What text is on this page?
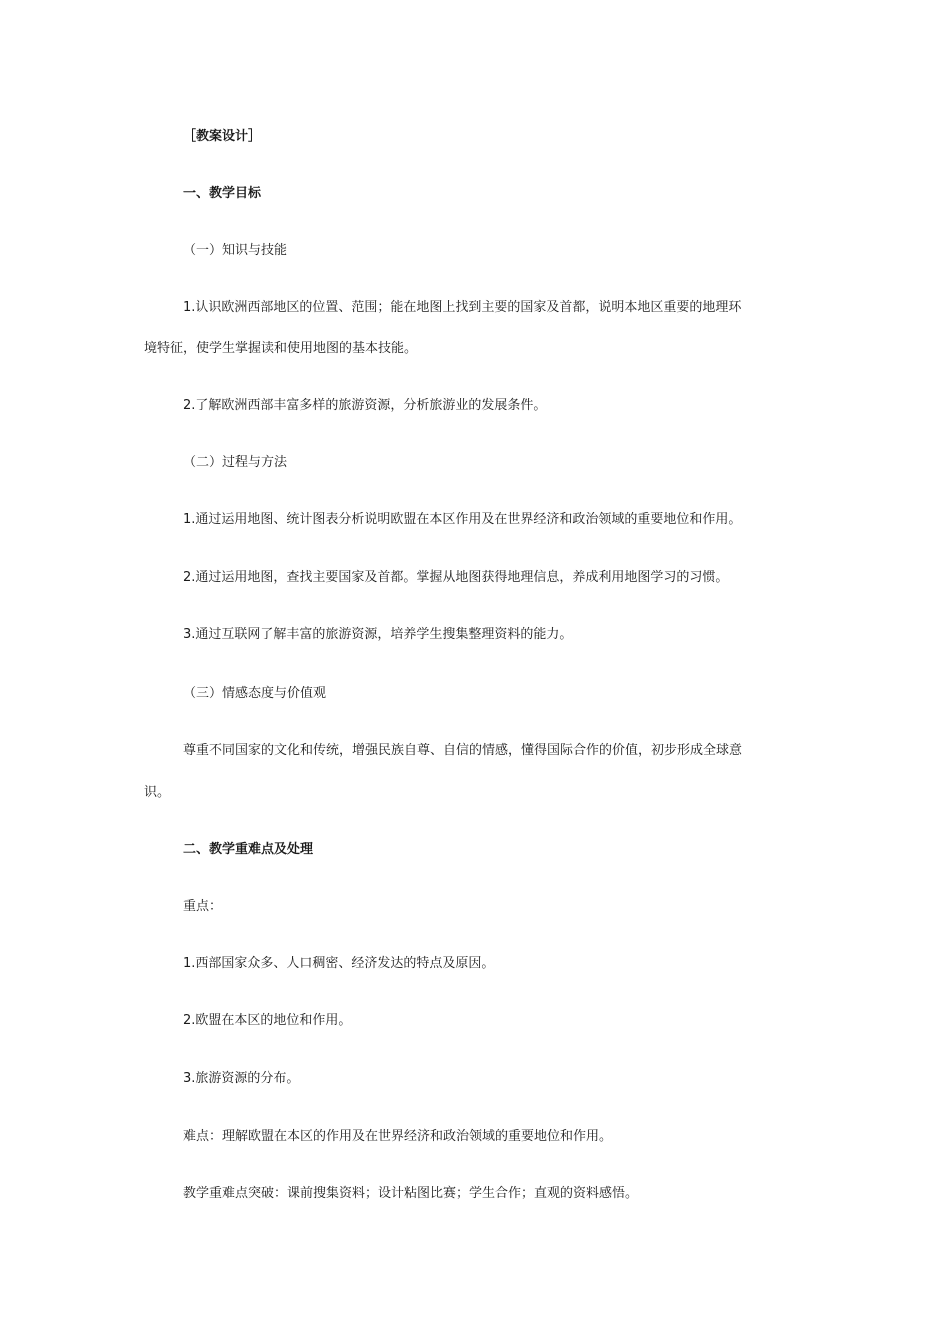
［教案设计］
一、教学目标
（一）知识与技能
1.认识欧洲西部地区的位置、范围；能在地图上找到主要的国家及首都，说明本地区重要的地理环
境特征，使学生掌握读和使用地图的基本技能。
2.了解欧洲西部丰富多样的旅游资源，分析旅游业的发展条件。
（二）过程与方法
1.通过运用地图、统计图表分析说明欧盟在本区作用及在世界经济和政治领域的重要地位和作用。
2.通过运用地图，查找主要国家及首都。掌握从地图获得地理信息，养成利用地图学习的习惯。
3.通过互联网了解丰富的旅游资源，培养学生搜集整理资料的能力。
（三）情感态度与价值观
尊重不同国家的文化和传统，增强民族自尊、自信的情感，懂得国际合作的价值，初步形成全球意
识。
二、教学重难点及处理
重点：
1.西部国家众多、人口稠密、经济发达的特点及原因。
2.欧盟在本区的地位和作用。
3.旅游资源的分布。
难点：理解欧盟在本区的作用及在世界经济和政治领域的重要地位和作用。
教学重难点突破：课前搜集资料；设计粘图比赛；学生合作；直观的资料感悟。
